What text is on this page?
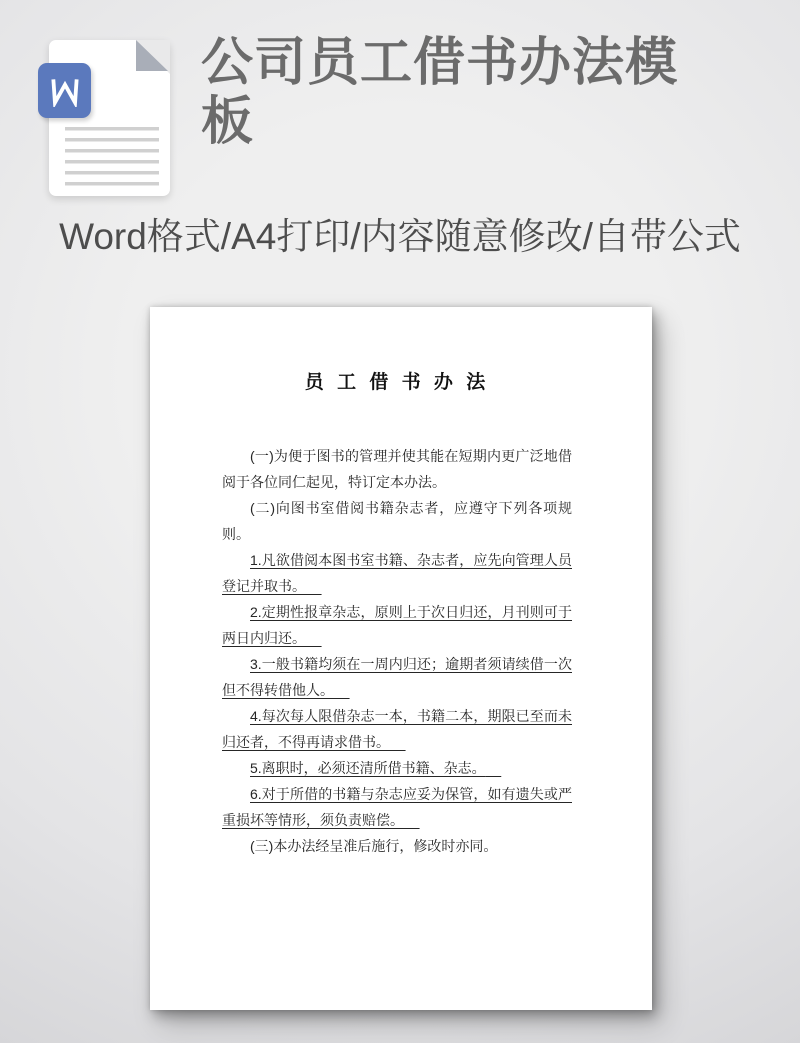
公司员工借书办法模板

Word格式/A4打印/内容随意修改/自带公式

员 工 借 书 办 法

(一)为便于图书的管理并使其能在短期内更广泛地借阅于各位同仁起见，特订定本办法。

(二)向图书室借阅书籍杂志者，应遵守下列各项规则。

1.凡欲借阅本图书室书籍、杂志者，应先向管理人员登记并取书。

2.定期性报章杂志，原则上于次日归还，月刊则可于两日内归还。

3.一般书籍均须在一周内归还；逾期者须请续借一次但不得转借他人。

4.每次每人限借杂志一本，书籍二本，期限已至而未归还者，不得再请求借书。

5.离职时，必须还清所借书籍、杂志。

6.对于所借的书籍与杂志应妥为保管，如有遗失或严重损坏等情形，须负责赔偿。

(三)本办法经呈准后施行，修改时亦同。
